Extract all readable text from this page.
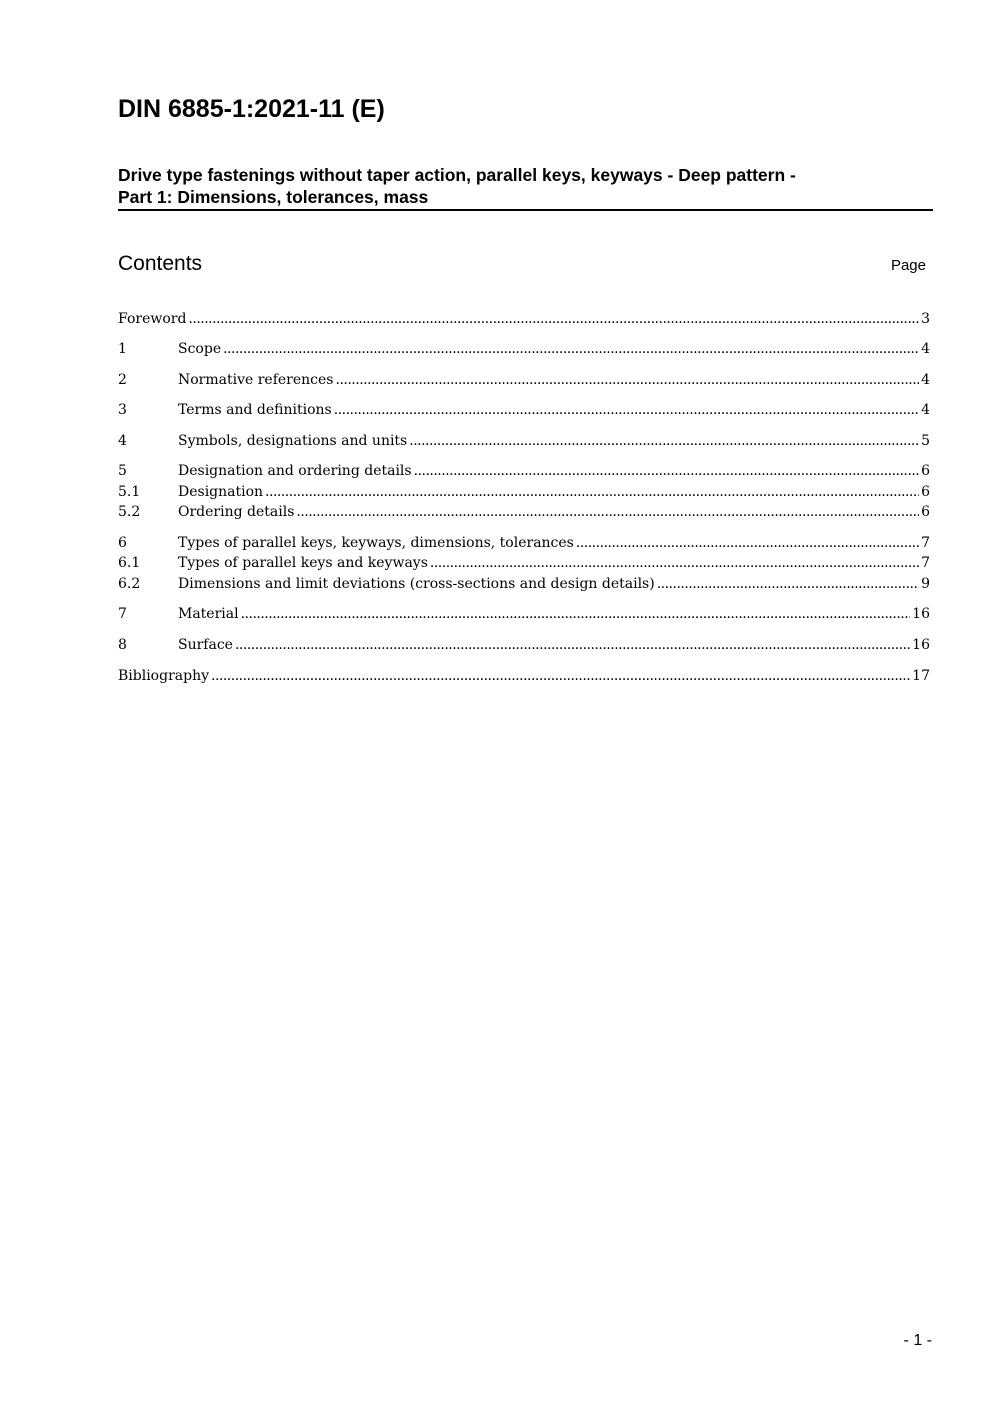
DIN 6885-1:2021-11 (E)
Drive type fastenings without taper action, parallel keys, keyways - Deep pattern -
Part 1: Dimensions, tolerances, mass
Contents	Page
Foreword .....	3
1	Scope .....	4
2	Normative references .....	4
3	Terms and definitions .....	4
4	Symbols, designations and units .....	5
5	Designation and ordering details .....	6
5.1	Designation .....	6
5.2	Ordering details .....	6
6	Types of parallel keys, keyways, dimensions, tolerances .....	7
6.1	Types of parallel keys and keyways .....	7
6.2	Dimensions and limit deviations (cross-sections and design details) .....	9
7	Material .....	16
8	Surface .....	16
Bibliography .....	17
- 1 -
